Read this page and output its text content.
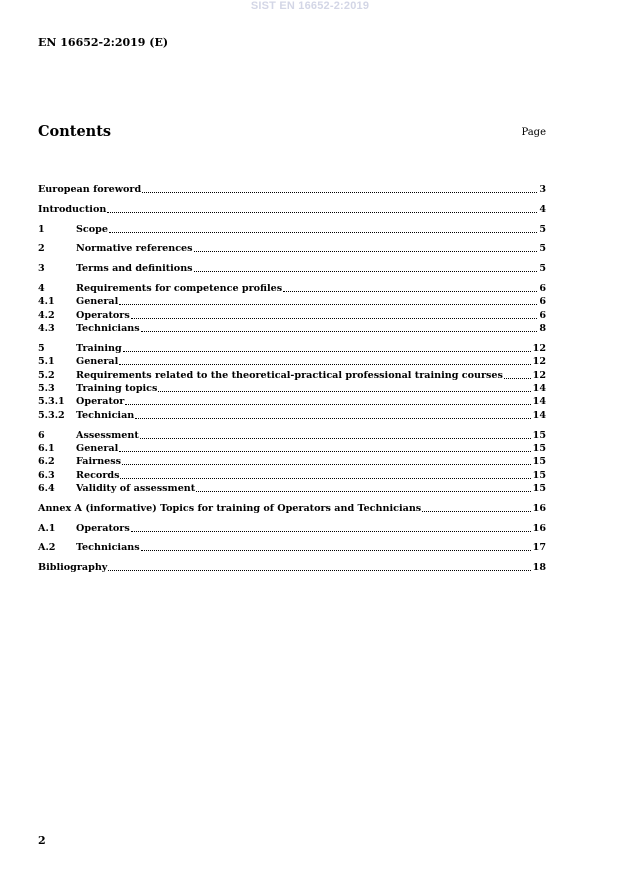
SIST EN 16652-2:2019
EN 16652-2:2019 (E)
Contents	Page
European foreword	3
Introduction	4
1	Scope	5
2	Normative references	5
3	Terms and definitions	5
4	Requirements for competence profiles	6
4.1	General	6
4.2	Operators	6
4.3	Technicians	8
5	Training	12
5.1	General	12
5.2	Requirements related to the theoretical-practical professional training courses	12
5.3	Training topics	14
5.3.1	Operator	14
5.3.2	Technician	14
6	Assessment	15
6.1	General	15
6.2	Fairness	15
6.3	Records	15
6.4	Validity of assessment	15
Annex A (informative) Topics for training of Operators and Technicians	16
A.1	Operators	16
A.2	Technicians	17
Bibliography	18
2
